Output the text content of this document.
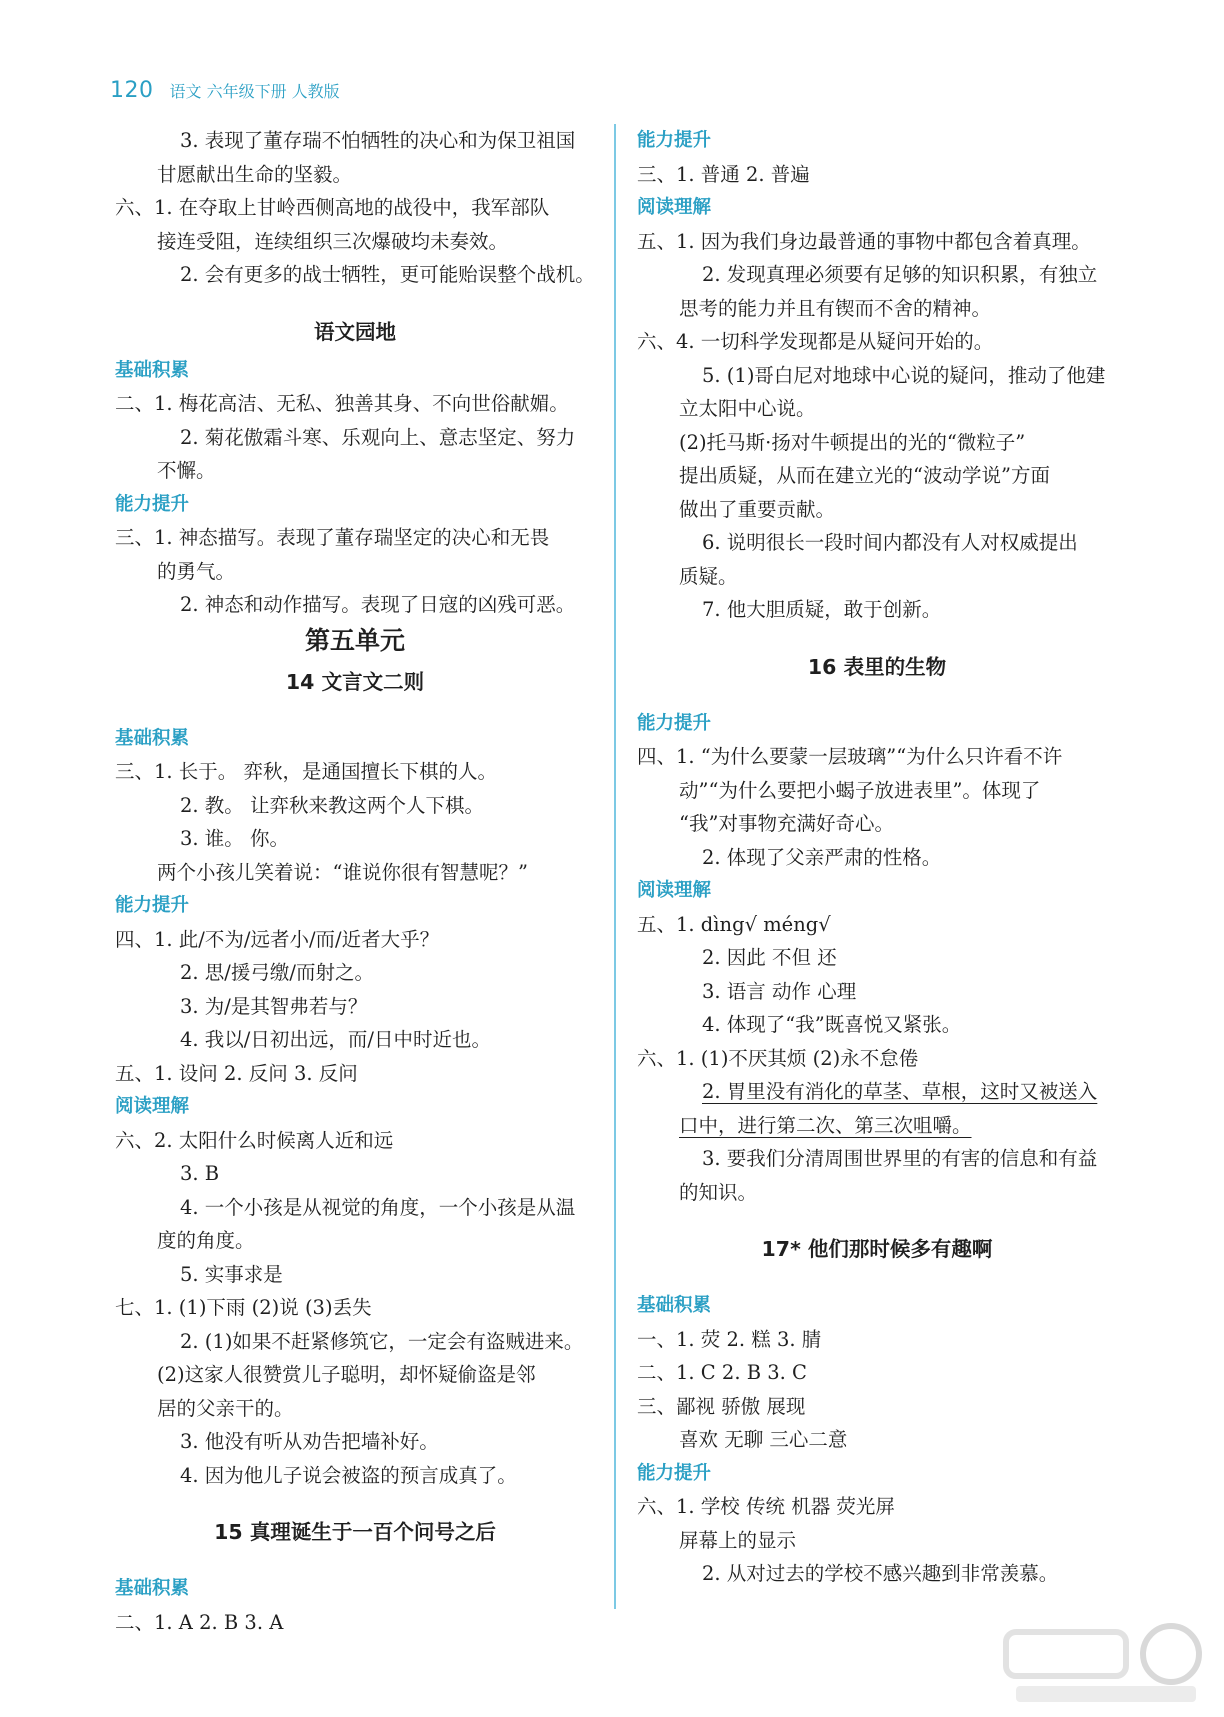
120 语文 六年级下册 人教版
3. 表现了董存瑞不怕牺牲的决心和为保卫祖国
甘愿献出生命的坚毅。
六、1. 在夺取上甘岭西侧高地的战役中，我军部队
接连受阻，连续组织三次爆破均未奏效。
2. 会有更多的战士牺牲，更可能贻误整个战机。
语文园地
基础积累
二、1. 梅花高洁、无私、独善其身、不向世俗献媚。
2. 菊花傲霜斗寒、乐观向上、意志坚定、努力
不懈。
能力提升
三、1. 神态描写。表现了董存瑞坚定的决心和无畏
的勇气。
2. 神态和动作描写。表现了日寇的凶残可恶。
第五单元
14 文言文二则
基础积累
三、1. 长于。 弈秋，是通国擅长下棋的人。
2. 教。 让弈秋来教这两个人下棋。
3. 谁。 你。
两个小孩儿笑着说：“谁说你很有智慧呢？”
能力提升
四、1. 此/不为/远者小/而/近者大乎？
2. 思/援弓缴/而射之。
3. 为/是其智弗若与？
4. 我以/日初出远，而/日中时近也。
五、1. 设问 2. 反问 3. 反问
阅读理解
六、2. 太阳什么时候离人近和远
3. B
4. 一个小孩是从视觉的角度，一个小孩是从温
度的角度。
5. 实事求是
七、1. (1)下雨 (2)说 (3)丢失
2. (1)如果不赶紧修筑它，一定会有盗贼进来。
(2)这家人很赞赏儿子聪明，却怀疑偷盗是邻
居的父亲干的。
3. 他没有听从劝告把墙补好。
4. 因为他儿子说会被盗的预言成真了。
15 真理诞生于一百个问号之后
基础积累
二、1. A 2. B 3. A
能力提升
三、1. 普通 2. 普遍
阅读理解
五、1. 因为我们身边最普通的事物中都包含着真理。
2. 发现真理必须要有足够的知识积累，有独立
思考的能力并且有锲而不舍的精神。
六、4. 一切科学发现都是从疑问开始的。
5. (1)哥白尼对地球中心说的疑问，推动了他建
立太阳中心说。
(2)托马斯·扬对牛顿提出的光的“微粒子”
提出质疑，从而在建立光的“波动学说”方面
做出了重要贡献。
6. 说明很长一段时间内都没有人对权威提出
质疑。
7. 他大胆质疑，敢于创新。
16 表里的生物
能力提升
四、1. “为什么要蒙一层玻璃”“为什么只许看不许
动”“为什么要把小蝎子放进表里”。体现了
“我”对事物充满好奇心。
2. 体现了父亲严肃的性格。
阅读理解
五、1. dìng√ méng√
2. 因此 不但 还
3. 语言 动作 心理
4. 体现了“我”既喜悦又紧张。
六、1. (1)不厌其烦 (2)永不怠倦
2. 胃里没有消化的草茎、草根，这时又被送入
口中，进行第二次、第三次咀嚼。
3. 要我们分清周围世界里的有害的信息和有益
的知识。
17* 他们那时候多有趣啊
基础积累
一、1. 荧 2. 糕 3. 腈
二、1. C 2. B 3. C
三、鄙视 骄傲 展现
喜欢 无聊 三心二意
能力提升
六、1. 学校 传统 机器 荧光屏
屏幕上的显示
2. 从对过去的学校不感兴趣到非常羡慕。
